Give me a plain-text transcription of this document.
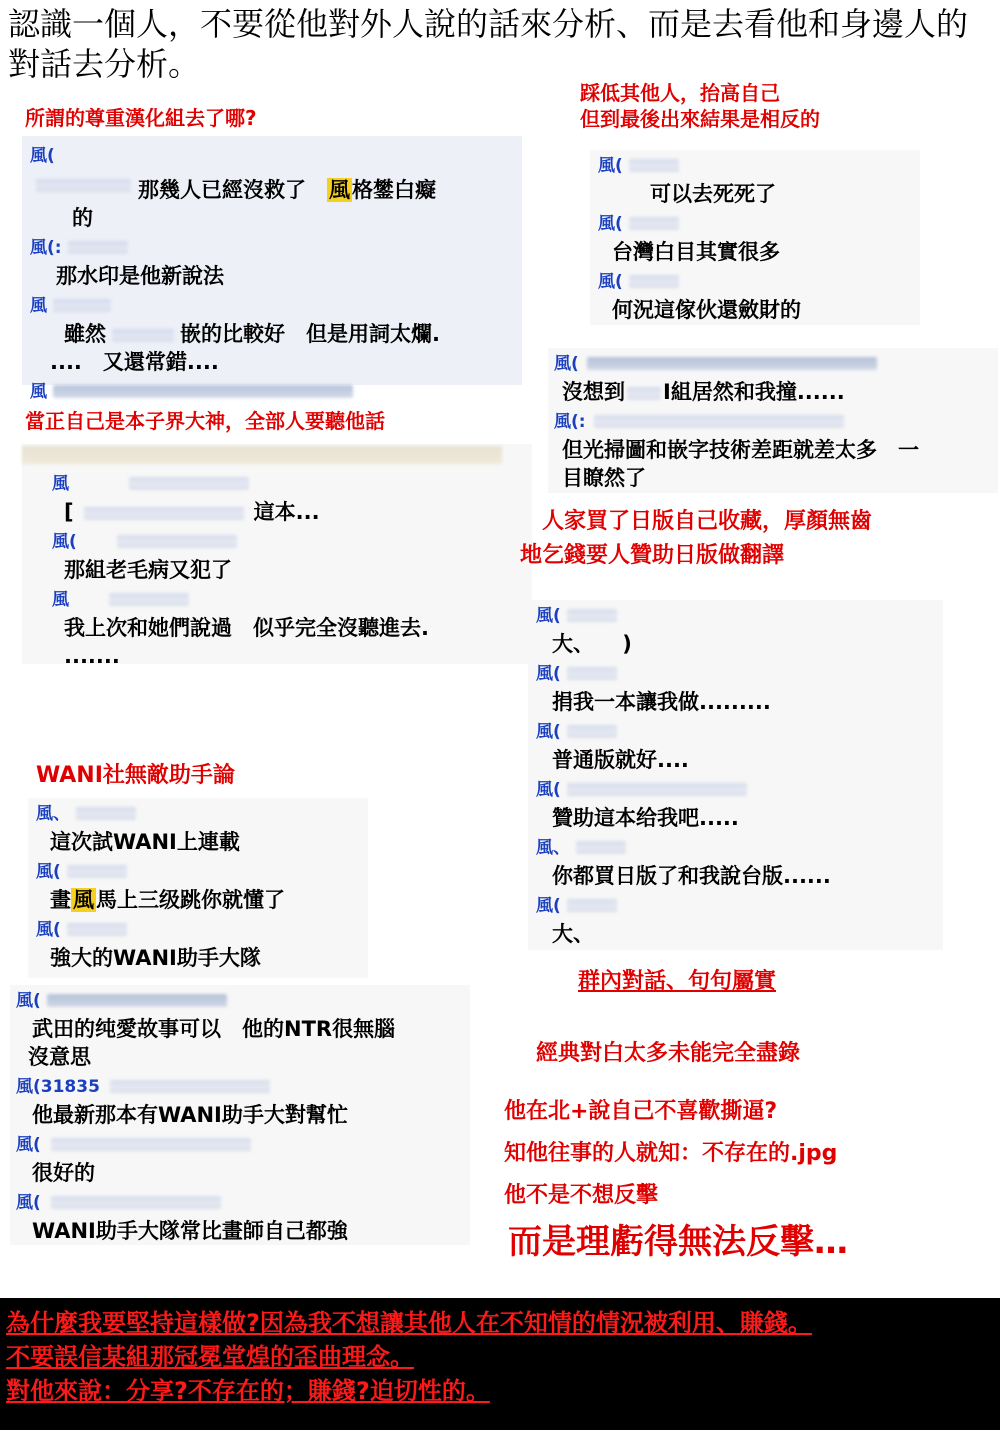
認識一個人，不要從他對外人說的話來分析、而是去看他和身邊人的對話去分析。
所謂的尊重漢化組去了哪?
風(
那幾人已經沒救了　風格鐢白癡
的
風(:
那水印是他新說法
風
雖然	嵌的比較好　但是用詞太爛.
....　又還常錯....
風
當正自己是本子界大神，全部人要聽他話
風
[	這本...
風(
那組老毛病又犯了
風
我上次和她們說過　似乎完全沒聽進去.
.......
WANI社無敵助手論
風、
這次試WANI上連載
風(
畫風馬上三级跳你就懂了
風(
強大的WANI助手大隊
風(
武田的纯愛故事可以　他的NTR很無腦
沒意思
風(31835
他最新那本有WANI助手大對幫忙
風(
很好的
風(
WANI助手大隊常比畫師自己都強
踩低其他人，抬高自己
但到最後出來結果是相反的
風(
可以去死死了
風(
台灣白目其實很多
風(
何況這傢伙還斂財的
風(
沒想到 I組居然和我撞......
風(:
但光掃圖和嵌字技術差距就差太多　一
目瞭然了
人家買了日版自己收藏，厚顏無齒
地乞錢要人贊助日版做翻譯
風(
大、 　)
風(
捐我一本讓我做.........
風(
普通版就好....
風(
贊助這本给我吧.....
風、
你都買日版了和我說台版......
風(
大、
群內對話、句句屬實
經典對白太多未能完全盡錄
他在北+說自己不喜歡撕逼?
知他往事的人就知：不存在的.jpg
他不是不想反擊
而是理虧得無法反擊…
為什麼我要堅持這樣做?因為我不想讓其他人在不知情的情況被利用、賺錢。
不要誤信某組那冠冕堂煌的歪曲理念。
對他來說：分享?不存在的；賺錢?迫切性的。
